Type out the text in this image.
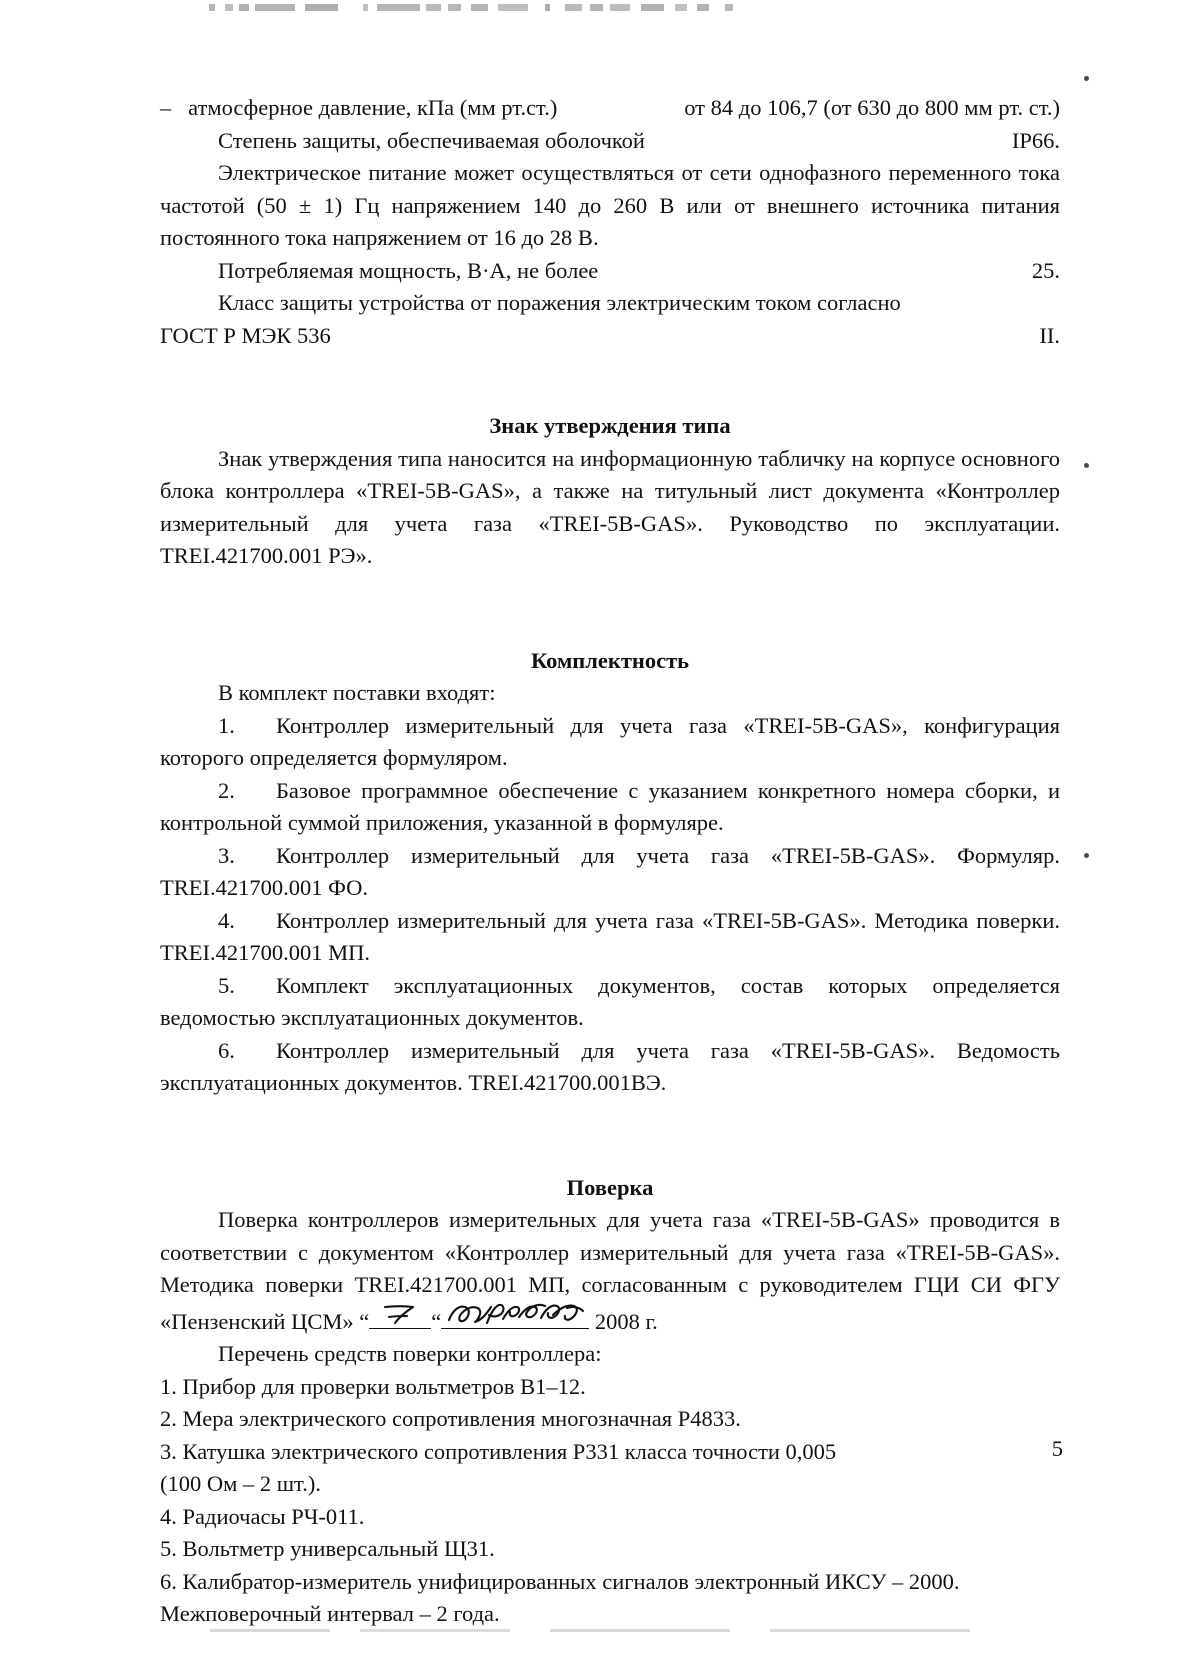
–   атмосферное давление, кПа (мм рт.ст.)	от 84 до 106,7 (от 630 до 800 мм рт. ст.)

Степень защиты, обеспечиваемая оболочкой	IP66.

Электрическое питание может осуществляться от сети однофазного переменного тока частотой (50 ± 1) Гц напряжением 140 до 260 В или от внешнего источника питания постоянного тока напряжением от 16 до 28 В.

Потребляемая мощность, В·А, не более	25.

Класс защиты устройства от поражения электрическим током согласно

ГОСТ Р МЭК 536	II.

Знак утверждения типа

Знак утверждения типа наносится на информационную табличку на корпусе основного блока контроллера «TREI-5B-GAS», а также на титульный лист документа «Контроллер измерительный для учета газа «TREI-5B-GAS». Руководство по эксплуатации. TREI.421700.001 РЭ».

Комплектность

В комплект поставки входят:

1. Контроллер измерительный для учета газа «TREI-5B-GAS», конфигурация которого определяется формуляром.

2. Базовое программное обеспечение с указанием конкретного номера сборки, и контрольной суммой приложения, указанной в формуляре.

3. Контроллер измерительный для учета газа «TREI-5B-GAS». Формуляр. TREI.421700.001 ФО.

4. Контроллер измерительный для учета газа «TREI-5B-GAS». Методика поверки. TREI.421700.001 МП.

5. Комплект эксплуатационных документов, состав которых определяется ведомостью эксплуатационных документов.

6. Контроллер измерительный для учета газа «TREI-5B-GAS». Ведомость эксплуатационных документов. TREI.421700.001ВЭ.

Поверка

Поверка контроллеров измерительных для учета газа «TREI-5B-GAS» проводится в соответствии с документом «Контроллер измерительный для учета газа «TREI-5B-GAS». Методика поверки TREI.421700.001 МП, согласованным с руководителем ГЦИ СИ ФГУ «Пензенский ЦСМ» “	“	2008 г.

Перечень средств поверки контроллера:

1. Прибор для проверки вольтметров В1–12.

2. Мера электрического сопротивления многозначная Р4833.

3. Катушка электрического сопротивления Р331 класса точности 0,005

(100 Ом – 2 шт.).

4. Радиочасы РЧ-011.

5. Вольтметр универсальный Щ31.

6. Калибратор-измеритель унифицированных сигналов электронный ИКСУ – 2000.

Межповерочный интервал – 2 года.

5
